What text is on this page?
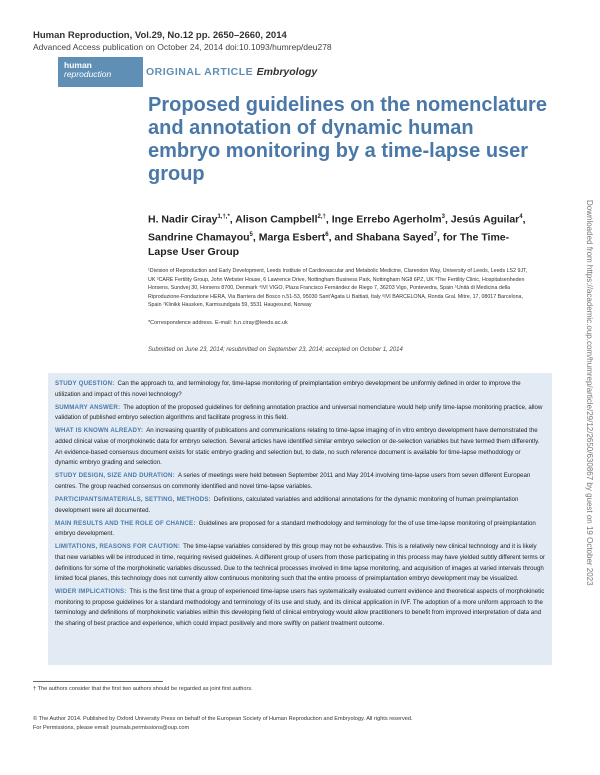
Human Reproduction, Vol.29, No.12 pp. 2650–2660, 2014
Advanced Access publication on October 24, 2014 doi:10.1093/humrep/deu278
human
reproduction	ORIGINAL ARTICLE Embryology
Proposed guidelines on the nomenclature and annotation of dynamic human embryo monitoring by a time-lapse user group
H. Nadir Ciray$^{1,\dagger,*}$, Alison Campbell$^{2,\dagger}$, Inge Errebo Agerholm$^3$, Jesús Aguilar$^4$, Sandrine Chamayou$^5$, Marga Esbert$^6$, and Shabana Sayed$^7$, for The Time-Lapse User Group
¹Division of Reproduction and Early Development, Leeds Institute of Cardiovascular and Metabolic Medicine, Clarendon Way, University of Leeds, Leeds LS2 9JT, UK ²CARE Fertility Group, John Webster House, 6 Lawrence Drive, Nottingham Business Park, Nottingham NG8 6PZ, UK ³The Fertility Clinic, Hospitalsenheden Horsens, Sundvej 30, Horsens 8700, Denmark ⁴IVI VIGO, Plaza Francisco Fernández de Riego 7, 36203 Vigo, Pontevedra, Spain ⁵Unità di Medicina della Riproduzione-Fondazione HERA, Via Barriera del Bosco n.51-53, 95030 Sant'Agata Li Battiati, Italy ⁶IVI BARCELONA, Ronda Gral. Mitre, 17, 08017 Barcelona, Spain ⁷Klinikk Hausken, Karmsundgata 59, 5531 Haugesund, Norway
*Correspondence address. E-mail: h.n.ciray@leeds.ac.uk
Submitted on June 23, 2014; resubmitted on September 23, 2014; accepted on October 1, 2014

STUDY QUESTION: Can the approach to, and terminology for, time-lapse monitoring of preimplantation embryo development be uniformly defined in order to improve the utilization and impact of this novel technology?

SUMMARY ANSWER: The adoption of the proposed guidelines for defining annotation practice and universal nomenclature would help unify time-lapse monitoring practice, allow validation of published embryo selection algorithms and facilitate progress in this field.

WHAT IS KNOWN ALREADY: An increasing quantity of publications and communications relating to time-lapse imaging of in vitro embryo development have demonstrated the added clinical value of morphokinetic data for embryo selection. Several articles have identified similar embryo selection or de-selection variables but have termed them differently. An evidence-based consensus document exists for static embryo grading and selection but, to date, no such reference document is available for time-lapse methodology or dynamic embryo grading and selection.

STUDY DESIGN, SIZE AND DURATION: A series of meetings were held between September 2011 and May 2014 involving time-lapse users from seven different European centres. The group reached consensus on commonly identified and novel time-lapse variables.

PARTICIPANTS/MATERIALS, SETTING, METHODS: Definitions, calculated variables and additional annotations for the dynamic monitoring of human preimplantation development were all documented.

MAIN RESULTS AND THE ROLE OF CHANCE: Guidelines are proposed for a standard methodology and terminology for the of use time-lapse monitoring of preimplantation embryo development.

LIMITATIONS, REASONS FOR CAUTION: The time-lapse variables considered by this group may not be exhaustive. This is a relatively new clinical technology and it is likely that new variables will be introduced in time, requiring revised guidelines. A different group of users from those participating in this process may have yielded subtly different terms or definitions for some of the morphokinetic variables discussed. Due to the technical processes involved in time lapse monitoring, and acquisition of images at varied intervals through limited focal planes, this technology does not currently allow continuous monitoring such that the entire process of preimplantation embryo development may be visualized.

WIDER IMPLICATIONS: This is the first time that a group of experienced time-lapse users has systematically evaluated current evidence and theoretical aspects of morphokinetic monitoring to propose guidelines for a standard methodology and terminology of its use and study, and its clinical application in IVF. The adoption of a more uniform approach to the terminology and definitions of morphokinetic variables within this developing field of clinical embryology would allow practitioners to benefit from improved interpretation of data and the sharing of best practice and experience, which could impact positively and more swiftly on patient treatment outcome.

† The authors consider that the first two authors should be regarded as joint first authors.
© The Author 2014. Published by Oxford University Press on behalf of the European Society of Human Reproduction and Embryology. All rights reserved.
For Permissions, please email: journals.permissions@oup.com
Downloaded from https://academic.oup.com/humrep/article/29/12/2650/630867 by guest on 19 October 2023
